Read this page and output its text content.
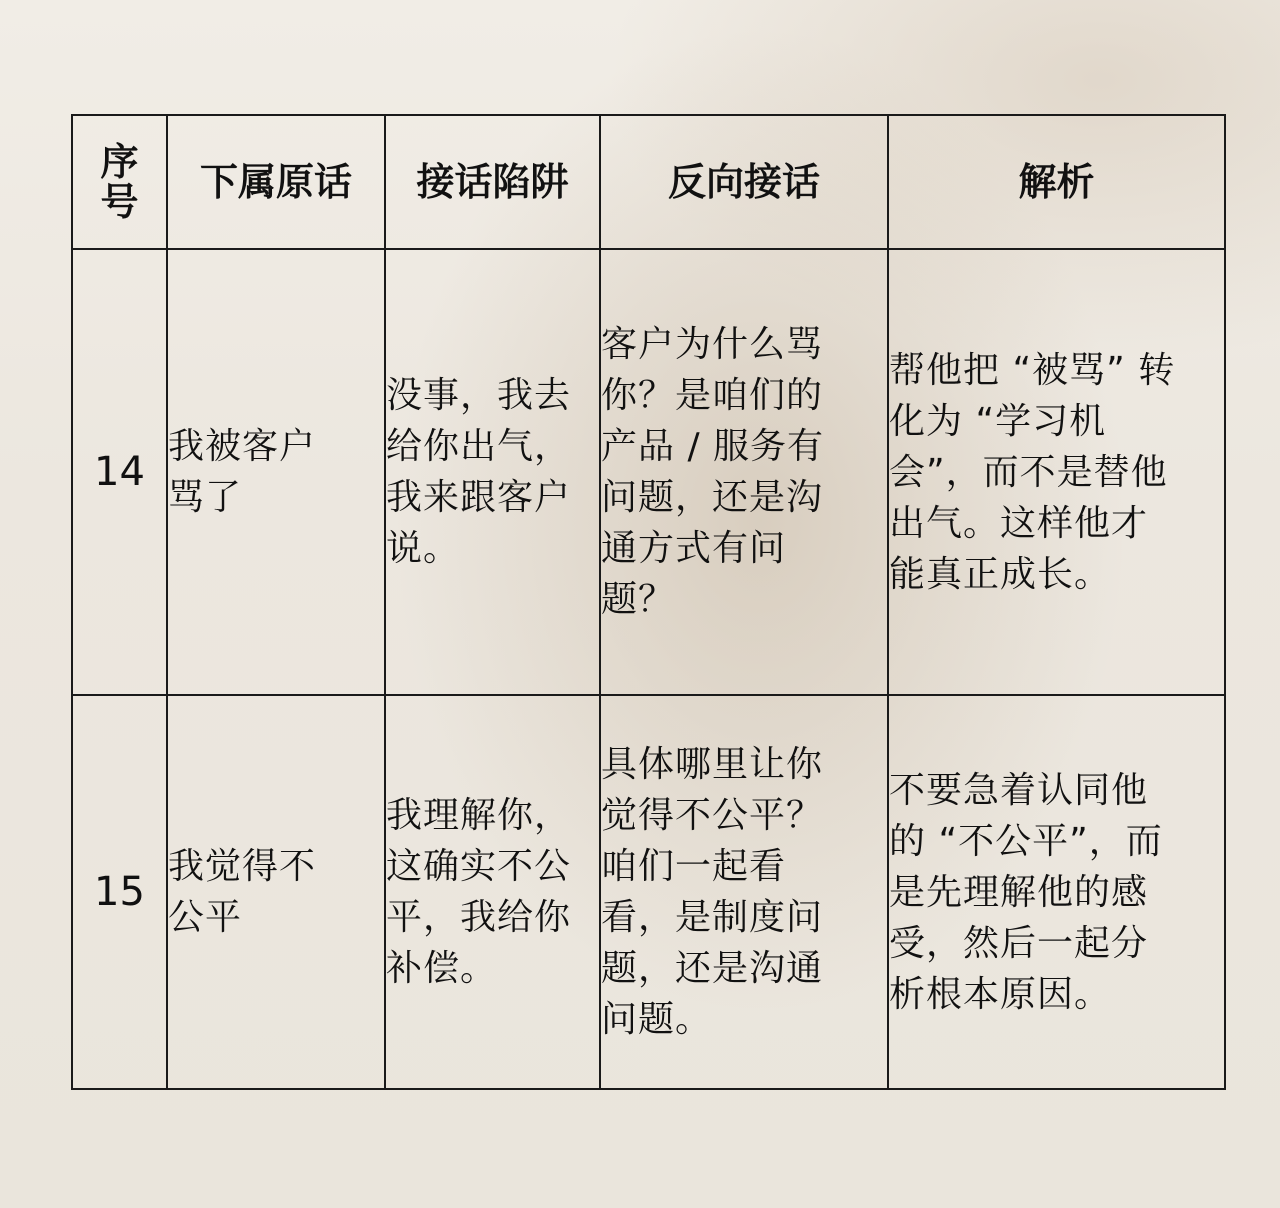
序号	下属原话	接话陷阱	反向接话	解析
14	我被客户骂了	没事，我去给你出气，我来跟客户说。	客户为什么骂你？是咱们的产品 / 服务有问题，还是沟通方式有问题？	帮他把 “被骂” 转化为 “学习机会”，而不是替他出气。这样他才能真正成长。

15	我觉得不公平	我理解你，这确实不公平，我给你补偿。	具体哪里让你觉得不公平？咱们一起看看，是制度问题，还是沟通问题。	不要急着认同他的 “不公平”，而是先理解他的感受，然后一起分析根本原因。
